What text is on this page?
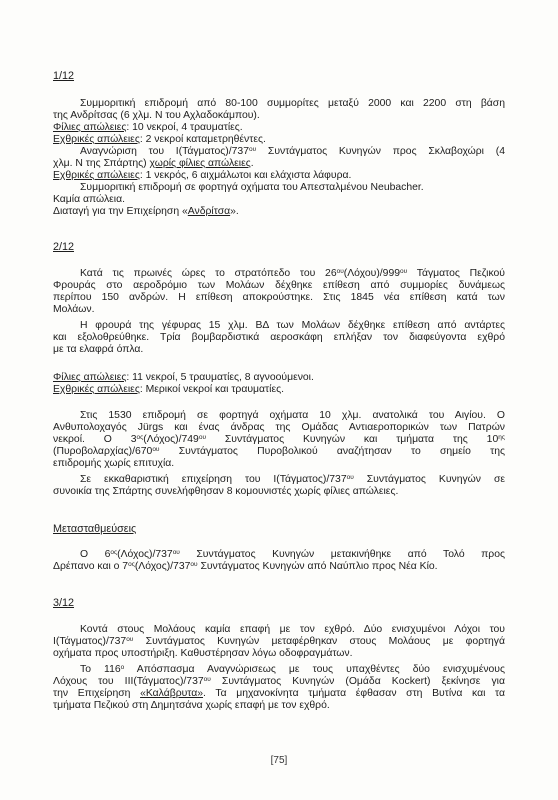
1/12
Συμμοριτική επιδρομή από 80-100 συμμορίτες μεταξύ 2000 και 2200 στη βάση
της Ανδρίτσας (6 χλμ. Ν του Αχλαδοκάμπου).
Φίλιες απώλειες: 10 νεκροί, 4 τραυματίες.
Εχθρικές απώλειες: 2 νεκροί καταμετρηθέντες.
Αναγνώριση του $I(Tά\gamma\mu\alpha\tau o\varsigma)/737^{o\upsilon}$ Συντάγματος Κυνηγών προς Σκλαβοχώρι (4
χλμ. Ν της Σπάρτης) χωρίς φίλιες απώλειες.
Εχθρικές απώλειες: 1 νεκρός, 6 αιχμάλωτοι και ελάχιστα λάφυρα.
Συμμοριτική επιδρομή σε φορτηγά οχήματα του Απεσταλμένου Neubacher.
Καμία απώλεια.
Διαταγή για την Επιχείρηση «Ανδρίτσα».
2/12
Κατά τις πρωινές ώρες το στρατόπεδο του $26^{o\upsilon}(\Lambda ό\chi o\upsilon)/999^{o\upsilon}$ Τάγματος Πεζικού
Φρουράς στο αεροδρόμιο των Μολάων δέχθηκε επίθεση από συμμορίες δυνάμεως
περίπου 150 ανδρών. Η επίθεση αποκρούστηκε. Στις 1845 νέα επίθεση κατά των
Μολάων.
Η φρουρά της γέφυρας 15 χλμ. ΒΔ των Μολάων δέχθηκε επίθεση από αντάρτες
και εξολοθρεύθηκε. Τρία βομβαρδιστικά αεροσκάφη επλήξαν τον διαφεύγοντα εχθρό
με τα ελαφρά όπλα.
Φίλιες απώλειες: 11 νεκροί, 5 τραυματίες, 8 αγνοούμενοι.
Εχθρικές απώλειες: Μερικοί νεκροί και τραυματίες.
Στις 1530 επιδρομή σε φορτηγά οχήματα 10 χλμ. ανατολικά του Αιγίου. Ο
Ανθυπολοχαγός Jürgs και ένας άνδρας της Ομάδας Αντιαεροπορικών των Πατρών
νεκροί. Ο $3^{o\varsigma}(\Lambda ό\chi o\varsigma)/749^{o\upsilon}$ Συντάγματος Κυνηγών και τμήματα της $10^{\eta\varsigma}$
$(\Pi\upsilon\rho o\beta o\lambda\alpha\rho\chi ί\alpha\varsigma)/670^{o\upsilon}$ Συντάγματος Πυροβολικού αναζήτησαν το σημείο της
επιδρομής χωρίς επιτυχία.
Σε εκκαθαριστική επιχείρηση του $I(Tά\gamma\mu\alpha\tau o\varsigma)/737^{o\upsilon}$ Συντάγματος Κυνηγών σε
συνοικία της Σπάρτης συνελήφθησαν 8 κομουνιστές χωρίς φίλιες απώλειες.
Μετασταθμεύσεις
Ο $6^{o\varsigma}(\Lambda ό\chi o\varsigma)/737^{o\upsilon}$ Συντάγματος Κυνηγών μετακινήθηκε από Τολό προς
Δρέπανο και ο $7^{o\varsigma}(\Lambda ό\chi o\varsigma)/737^{o\upsilon}$ Συντάγματος Κυνηγών από Ναύπλιο προς Νέα Κίο.
3/12
Κοντά στους Μολάους καμία επαφή με τον εχθρό. Δύο ενισχυμένοι Λόχοι του
$I(Tά\gamma\mu\alpha\tau o\varsigma)/737^{o\upsilon}$ Συντάγματος Κυνηγών μεταφέρθηκαν στους Μολάους με φορτηγά
οχήματα προς υποστήριξη. Καθυστέρησαν λόγω οδοφραγμάτων.
Το $116^o$ Απόσπασμα Αναγνώρισεως με τους υπαχθέντες δύο ενισχυμένους
Λόχους του $III(Tά\gamma\mu\alpha\tau o\varsigma)/737^{o\upsilon}$ Συντάγματος Κυνηγών (Ομάδα Kockert) ξεκίνησε για
την Επιχείρηση «Καλάβρυτα». Τα μηχανοκίνητα τμήματα έφθασαν στη Βυτίνα και τα
τμήματα Πεζικού στη Δημητσάνα χωρίς επαφή με τον εχθρό.
[75]
